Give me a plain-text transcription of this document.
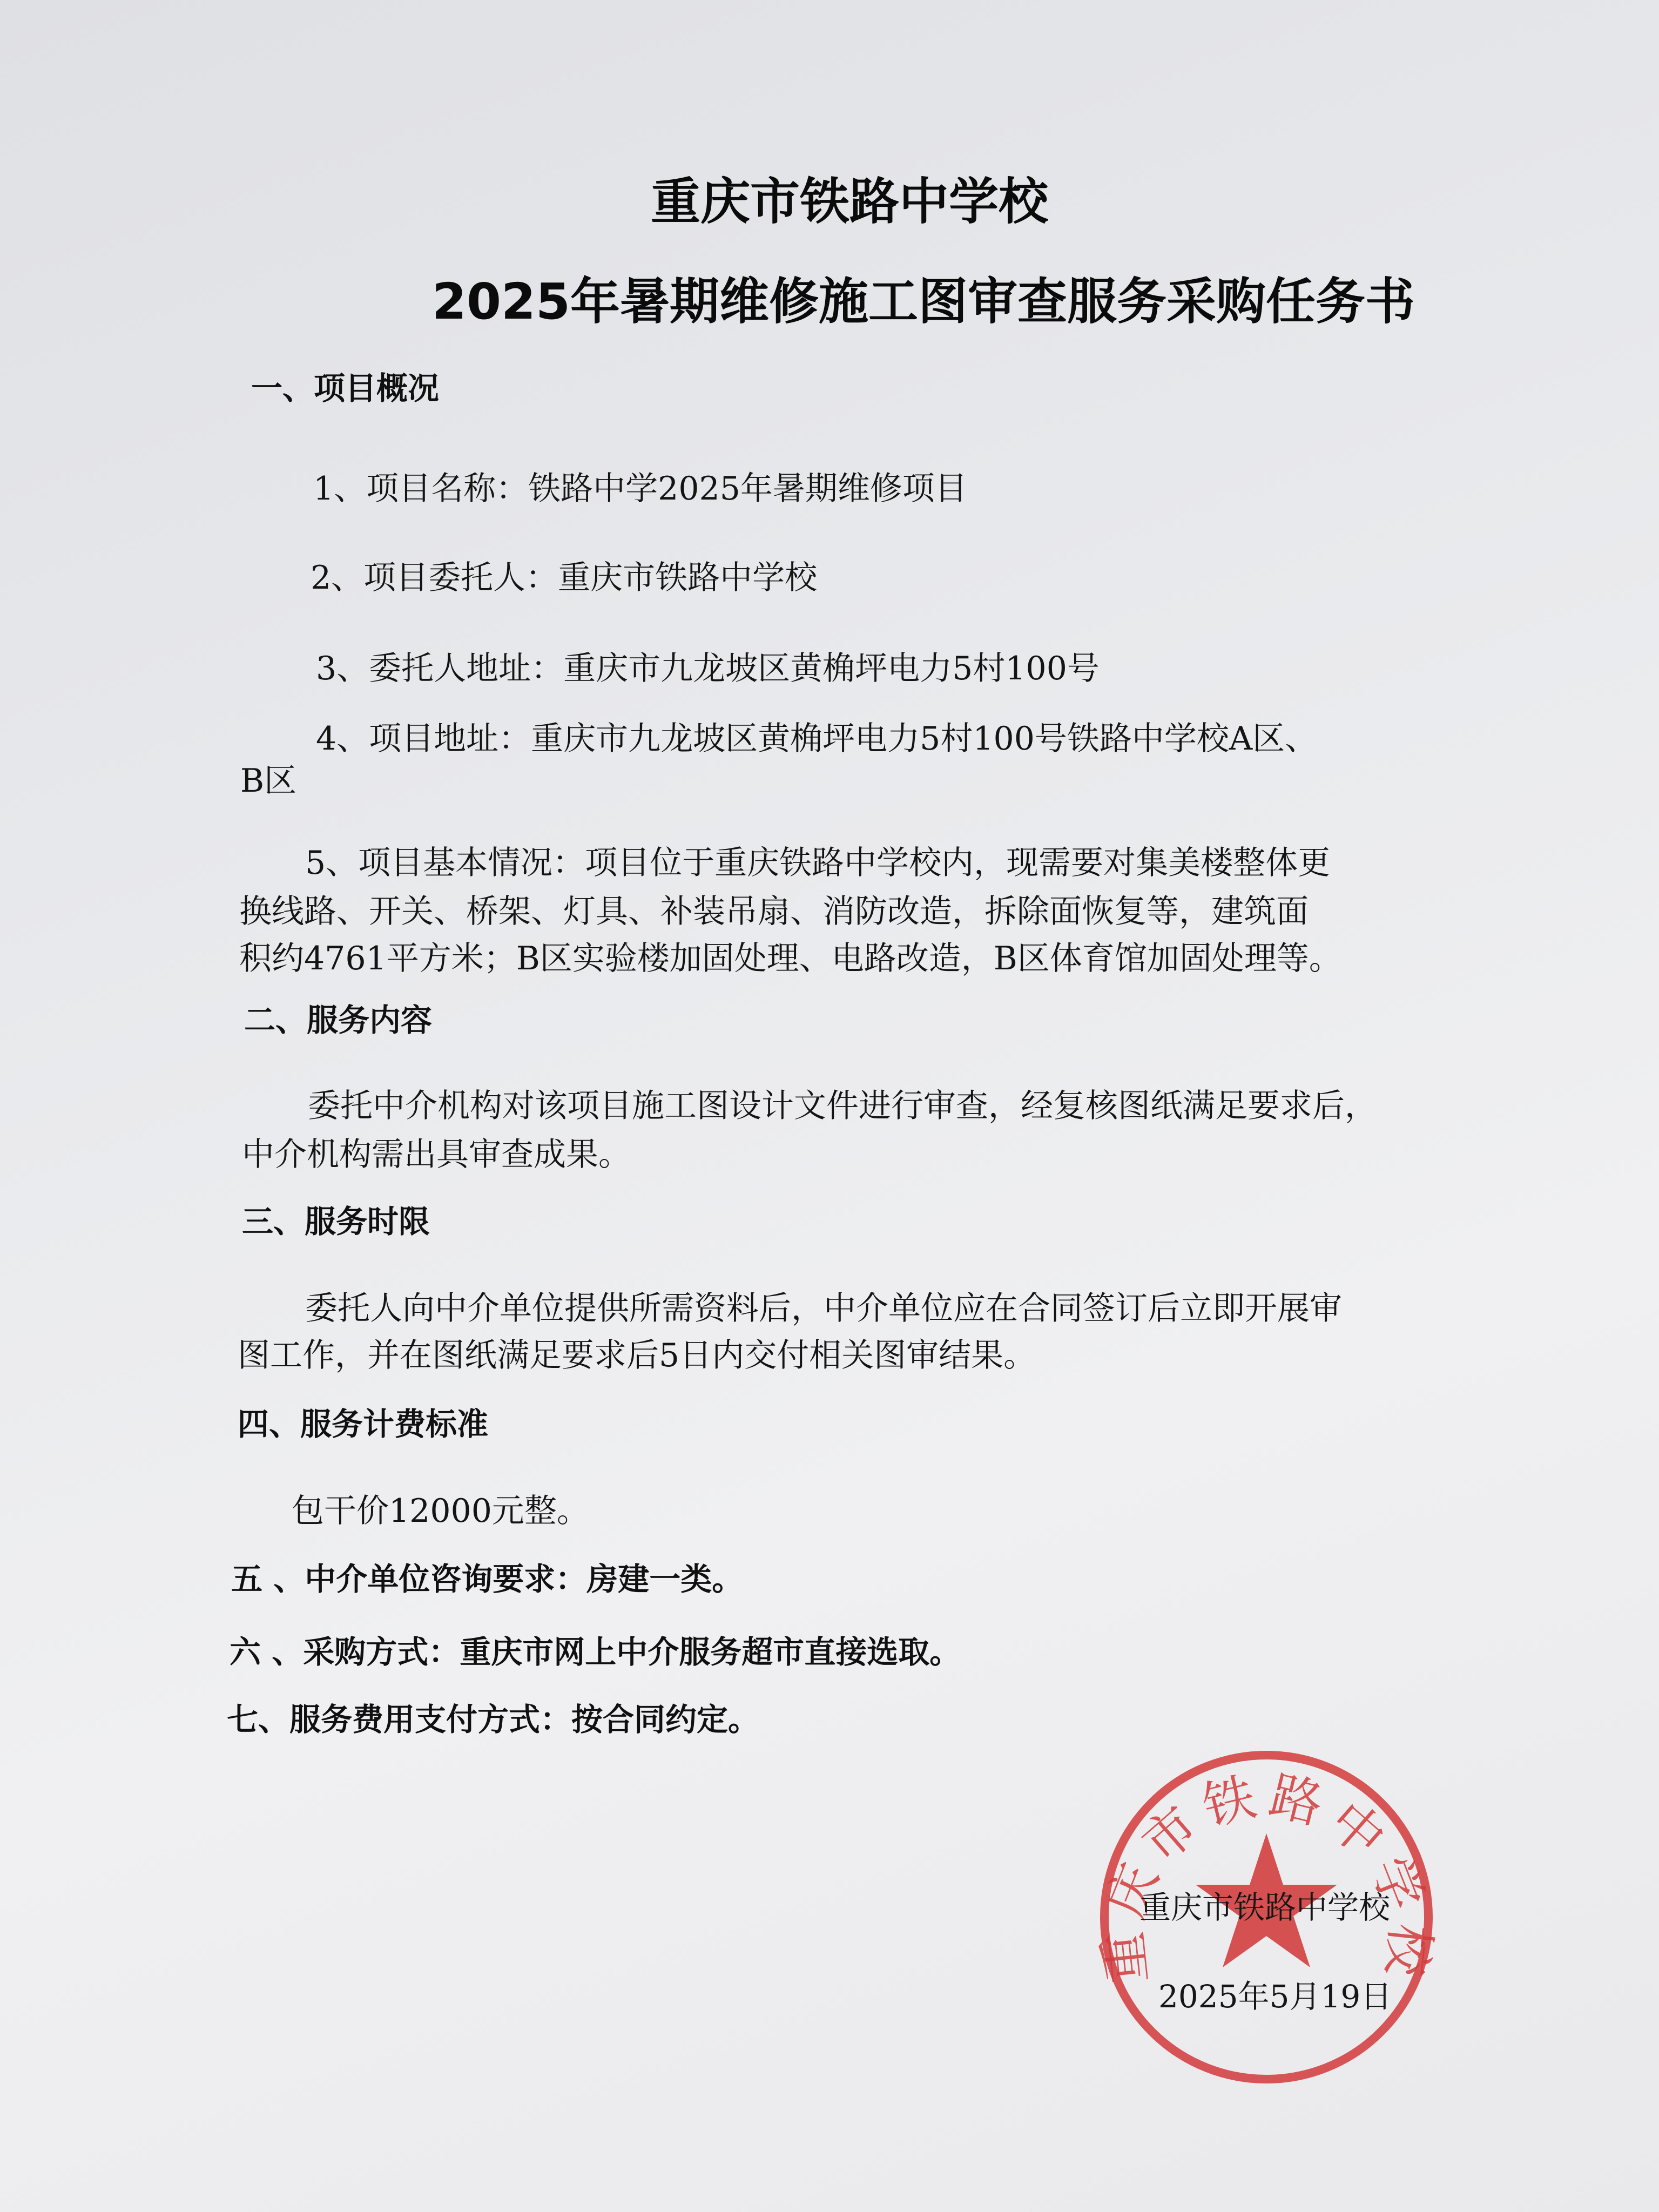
重庆市铁路中学校
2025年暑期维修施工图审查服务采购任务书
一、项目概况
1、项目名称：铁路中学2025年暑期维修项目
2、项目委托人：重庆市铁路中学校
3、委托人地址：重庆市九龙坡区黄桷坪电力5村100号
4、项目地址：重庆市九龙坡区黄桷坪电力5村100号铁路中学校A区、
B区
5、项目基本情况：项目位于重庆铁路中学校内，现需要对集美楼整体更
换线路、开关、桥架、灯具、补装吊扇、消防改造，拆除面恢复等，建筑面
积约4761平方米；B区实验楼加固处理、电路改造，B区体育馆加固处理等。
二、服务内容
委托中介机构对该项目施工图设计文件进行审查，经复核图纸满足要求后，
中介机构需出具审查成果。
三、服务时限
委托人向中介单位提供所需资料后，中介单位应在合同签订后立即开展审
图工作，并在图纸满足要求后5日内交付相关图审结果。
四、服务计费标准
包干价12000元整。
五 、中介单位咨询要求：房建一类。
六 、采购方式：重庆市网上中介服务超市直接选取。
七、服务费用支付方式：按合同约定。
重庆市铁路中学校
重庆市铁路中学校
2025年5月19日
